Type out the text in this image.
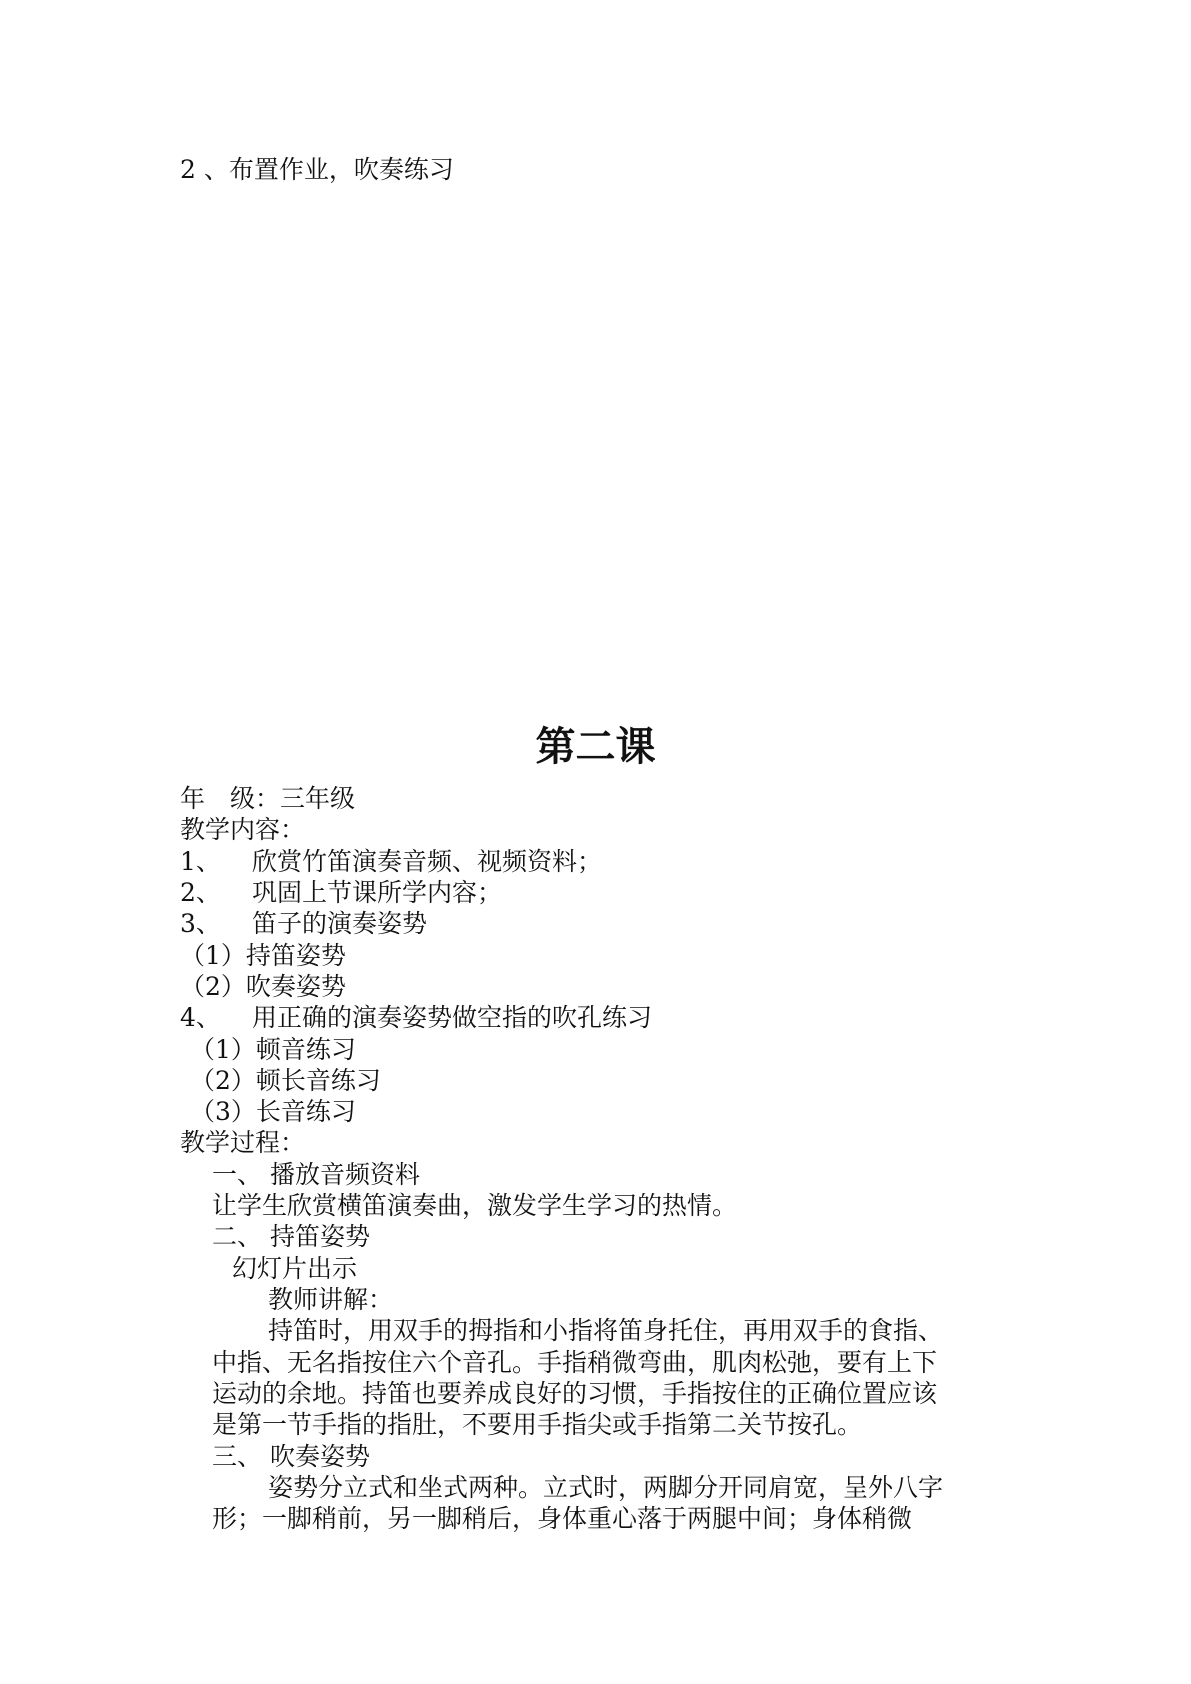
2 、布置作业，吹奏练习
第二课
年　级：三年级
教学内容：
1、 欣赏竹笛演奏音频、视频资料；
2、 巩固上节课所学内容；
3、 笛子的演奏姿势
（1）持笛姿势
（2）吹奏姿势
4、 用正确的演奏姿势做空指的吹孔练习
（1）顿音练习
（2）顿长音练习
（3）长音练习
教学过程：
一、 播放音频资料
让学生欣赏横笛演奏曲，激发学生学习的热情。
二、 持笛姿势
幻灯片出示
教师讲解：
持笛时，用双手的拇指和小指将笛身托住，再用双手的食指、
中指、无名指按住六个音孔。手指稍微弯曲，肌肉松弛，要有上下
运动的余地。持笛也要养成良好的习惯，手指按住的正确位置应该
是第一节手指的指肚，不要用手指尖或手指第二关节按孔。
三、 吹奏姿势
姿势分立式和坐式两种。立式时，两脚分开同肩宽，呈外八字
形；一脚稍前，另一脚稍后，身体重心落于两腿中间；身体稍微
